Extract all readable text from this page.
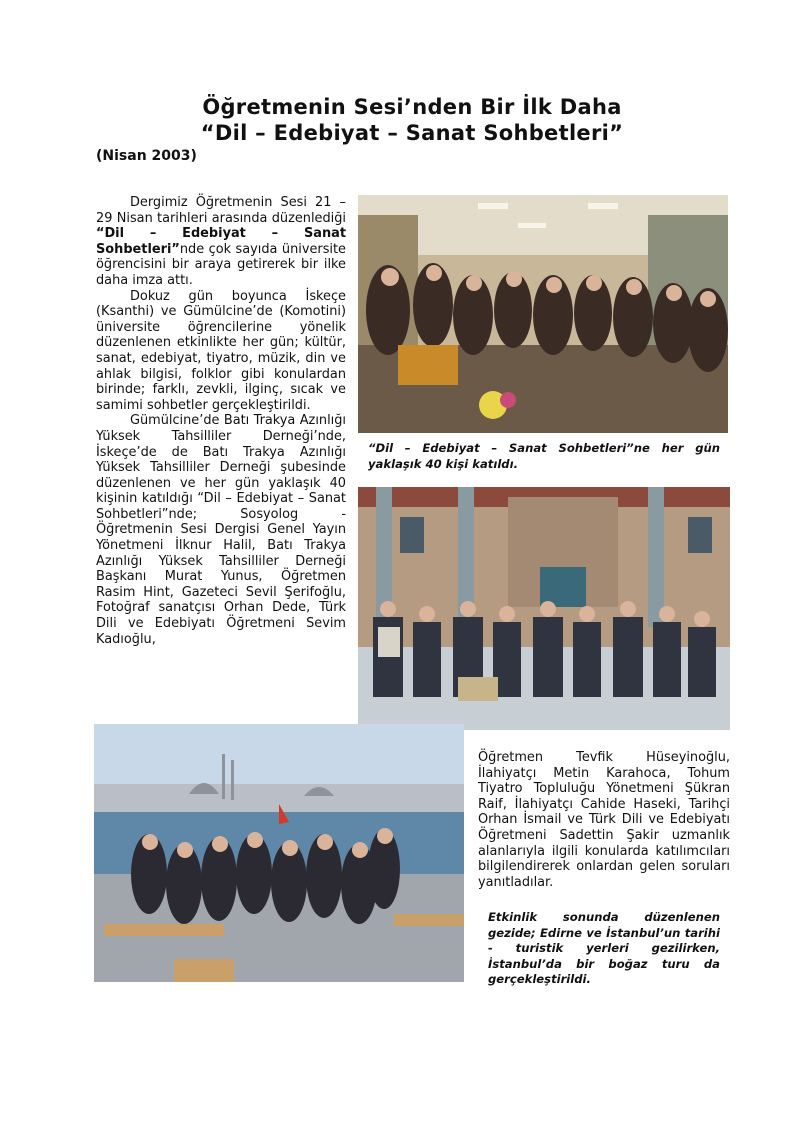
Öğretmenin Sesi’nden Bir İlk Daha
“Dil – Edebiyat – Sanat Sohbetleri”
(Nisan 2003)

Dergimiz Öğretmenin Sesi 21 – 29 Nisan tarihleri arasında düzenlediği “Dil – Edebiyat – Sanat Sohbetleri”nde çok sayıda üniversite öğrencisini bir araya getirerek bir ilke daha imza attı.

Dokuz gün boyunca İskeçe (Ksanthi) ve Gümülcine’de (Komotini) üniversite öğrencilerine yönelik düzenlenen etkinlikte her gün; kültür, sanat, edebiyat, tiyatro, müzik, din ve ahlak bilgisi, folklor gibi konulardan birinde; farklı, zevkli, ilginç, sıcak ve samimi sohbetler gerçekleştirildi.

Gümülcine’de Batı Trakya Azınlığı Yüksek Tahsilliler Derneği’nde, İskeçe’de de Batı Trakya Azınlığı Yüksek Tahsilliler Derneği şubesinde düzenlenen ve her gün yaklaşık 40 kişinin katıldığı “Dil – Edebiyat – Sanat Sohbetleri”nde; Sosyolog - Öğretmenin Sesi Dergisi Genel Yayın Yönetmeni İlknur Halil, Batı Trakya Azınlığı Yüksek Tahsilliler Derneği Başkanı Murat Yunus, Öğretmen Rasim Hint, Gazeteci Sevil Şerifoğlu, Fotoğraf sanatçısı Orhan Dede, Türk Dili ve Edebiyatı Öğretmeni Sevim Kadıoğlu,

“Dil – Edebiyat – Sanat Sohbetleri”ne her gün yaklaşık 40 kişi katıldı.

Öğretmen Tevfik Hüseyinoğlu, İlahiyatçı Metin Karahoca, Tohum Tiyatro Topluluğu Yönetmeni Şükran Raif, İlahiyatçı Cahide Haseki, Tarihçi Orhan İsmail ve Türk Dili ve Edebiyatı Öğretmeni Sadettin Şakir uzmanlık alanlarıyla ilgili konularda katılımcıları bilgilendirerek onlardan gelen soruları yanıtladılar.

Etkinlik sonunda düzenlenen gezide; Edirne ve İstanbul’un tarihi - turistik yerleri gezilirken, İstanbul’da bir boğaz turu da gerçekleştirildi.
